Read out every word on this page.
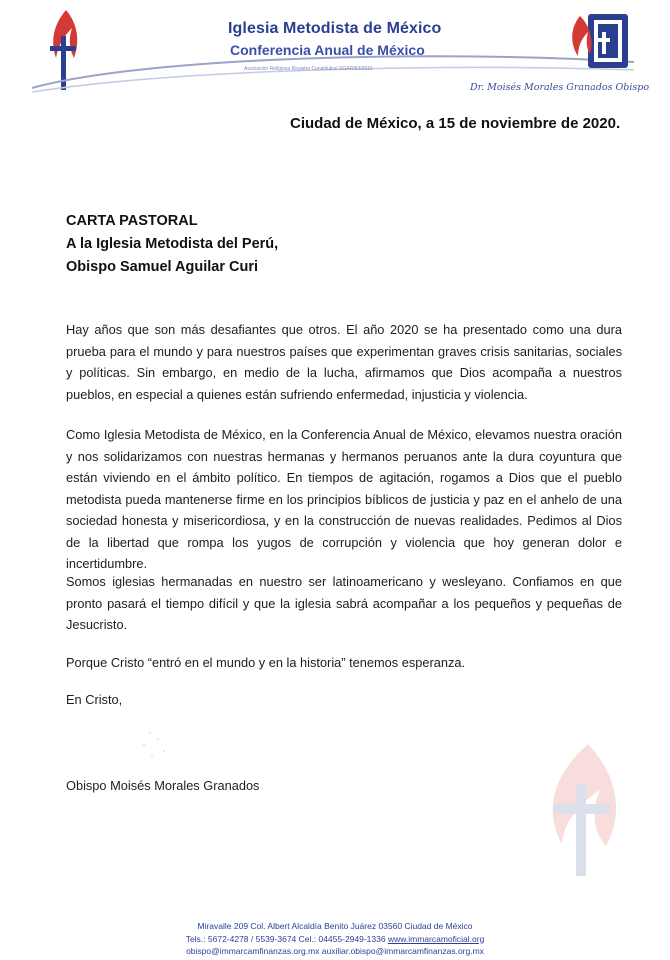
Iglesia Metodista de México
Conferencia Anual de México
Asociación Religiosa Registro Constitutivo SGAR/63/2016
Dr. Moisés Morales Granados Obispo
Ciudad de México, a 15 de noviembre de 2020.
CARTA PASTORAL
A la Iglesia Metodista del Perú,
Obispo Samuel Aguilar Curi
Hay años que son más desafiantes que otros. El año 2020 se ha presentado como una dura prueba para el mundo y para nuestros países que experimentan graves crisis sanitarias, sociales y políticas. Sin embargo, en medio de la lucha, afirmamos que Dios acompaña a nuestros pueblos, en especial a quienes están sufriendo enfermedad, injusticia y violencia.
Como Iglesia Metodista de México, en la Conferencia Anual de México, elevamos nuestra oración y nos solidarizamos con nuestras hermanas y hermanos peruanos ante la dura coyuntura que están viviendo en el ámbito político. En tiempos de agitación, rogamos a Dios que el pueblo metodista pueda mantenerse firme en los principios bíblicos de justicia y paz en el anhelo de una sociedad honesta y misericordiosa, y en la construcción de nuevas realidades. Pedimos al Dios de la libertad que rompa los yugos de corrupción y violencia que hoy generan dolor e incertidumbre.
Somos iglesias hermanadas en nuestro ser latinoamericano y wesleyano. Confiamos en que pronto pasará el tiempo difícil y que la iglesia sabrá acompañar a los pequeños y pequeñas de Jesucristo.
Porque Cristo “entró en el mundo y en la historia” tenemos esperanza.
En Cristo,
Obispo Moisés Morales Granados
Miravalle 209 Col. Albert Alcaldía Benito Juárez 03560 Ciudad de México
Tels.: 5672-4278 / 5539-3674 Cel.: 04455-2949-1336 www.immarcamoficial.org
obispo@immarcamfinanzas.org.mx auxiliar.obispo@immarcamfinanzas.org.mx
